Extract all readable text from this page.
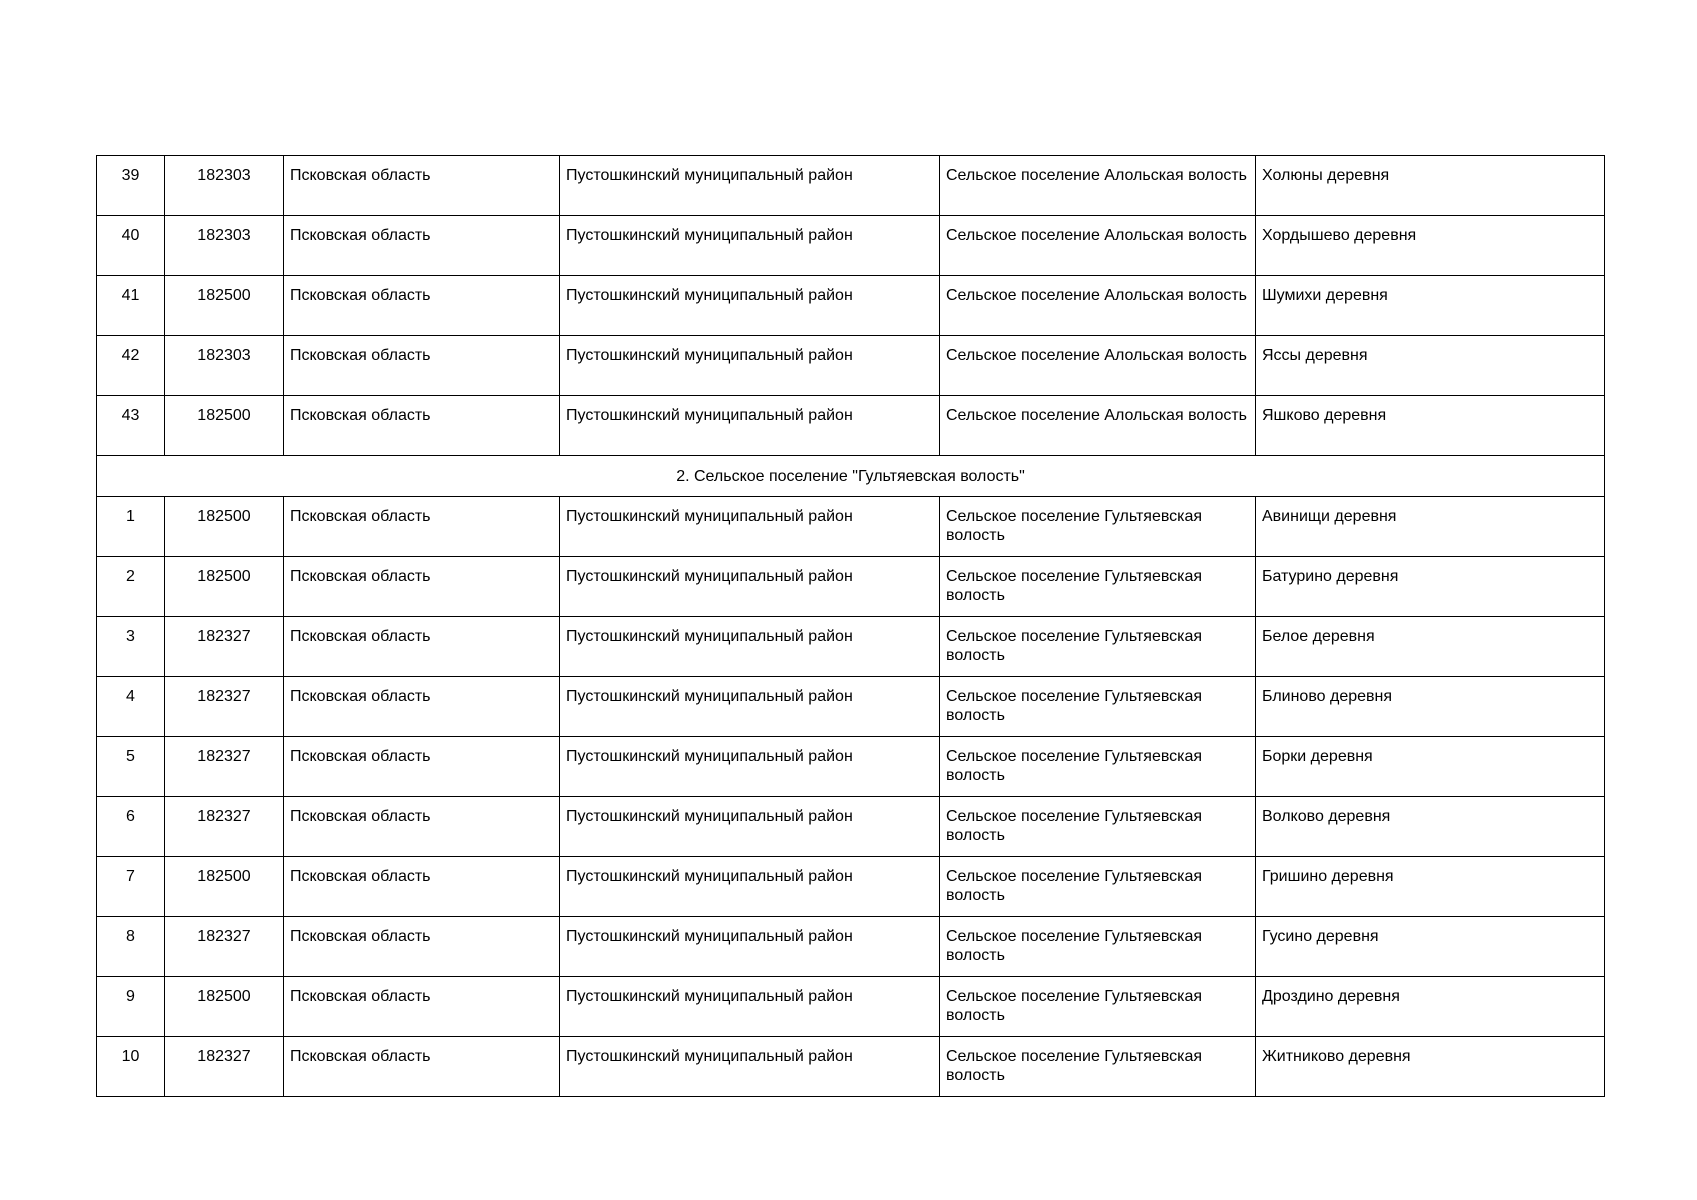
39	182303	Псковская область	Пустошкинский муниципальный район	Сельское поселение Алольская волость	Холюны деревня
40	182303	Псковская область	Пустошкинский муниципальный район	Сельское поселение Алольская волость	Хордышево деревня
41	182500	Псковская область	Пустошкинский муниципальный район	Сельское поселение Алольская волость	Шумихи деревня
42	182303	Псковская область	Пустошкинский муниципальный район	Сельское поселение Алольская волость	Яссы деревня
43	182500	Псковская область	Пустошкинский муниципальный район	Сельское поселение Алольская волость	Яшково деревня
2. Сельское поселение "Гультяевская волость"					
1	182500	Псковская область	Пустошкинский муниципальный район	Сельское поселение Гультяевская волость	Авинищи деревня
2	182500	Псковская область	Пустошкинский муниципальный район	Сельское поселение Гультяевская волость	Батурино деревня
3	182327	Псковская область	Пустошкинский муниципальный район	Сельское поселение Гультяевская волость	Белое деревня
4	182327	Псковская область	Пустошкинский муниципальный район	Сельское поселение Гультяевская волость	Блиново деревня
5	182327	Псковская область	Пустошкинский муниципальный район	Сельское поселение Гультяевская волость	Борки деревня
6	182327	Псковская область	Пустошкинский муниципальный район	Сельское поселение Гультяевская волость	Волково деревня
7	182500	Псковская область	Пустошкинский муниципальный район	Сельское поселение Гультяевская волость	Гришино деревня
8	182327	Псковская область	Пустошкинский муниципальный район	Сельское поселение Гультяевская волость	Гусино деревня
9	182500	Псковская область	Пустошкинский муниципальный район	Сельское поселение Гультяевская волость	Дроздино деревня
10	182327	Псковская область	Пустошкинский муниципальный район	Сельское поселение Гультяевская волость	Житниково деревня
